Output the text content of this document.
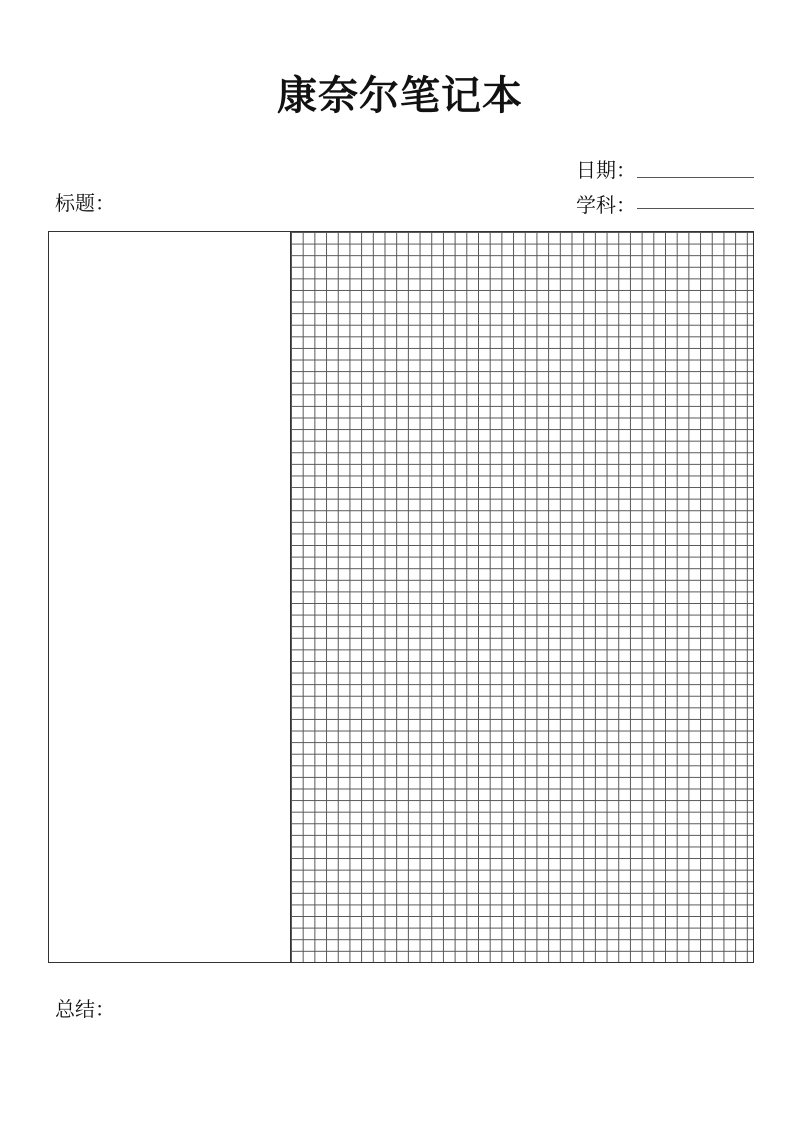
康奈尔笔记本
日期：
学科：
标题：
总结：
